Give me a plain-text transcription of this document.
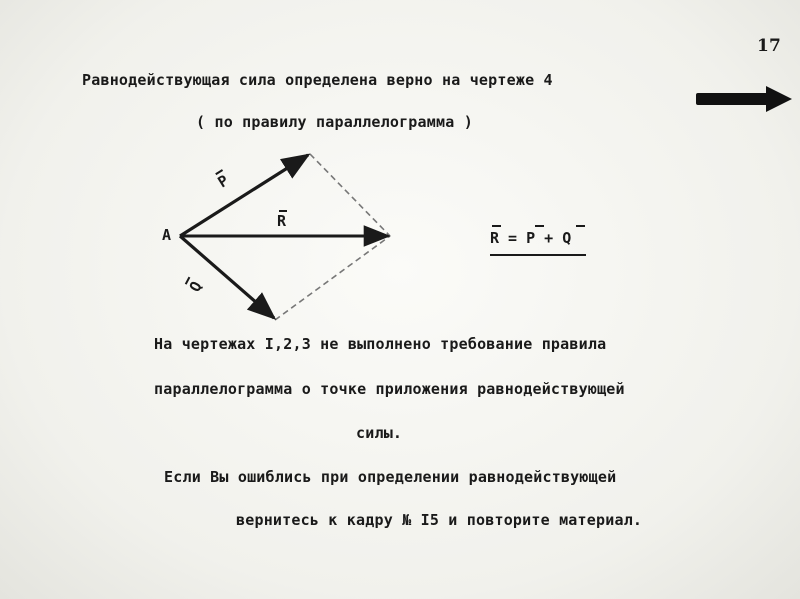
17
Равнодействующая сила определена верно на чертеже 4
( по правилу параллелограмма )
A
P
R
Q
R = P + Q
На чертежах I,2,3 не выполнено требование правила
параллелограмма о точке приложения равнодействующей
силы.
Если Вы ошиблись при определении равнодействующей
вернитесь к кадру № I5 и повторите материал.
